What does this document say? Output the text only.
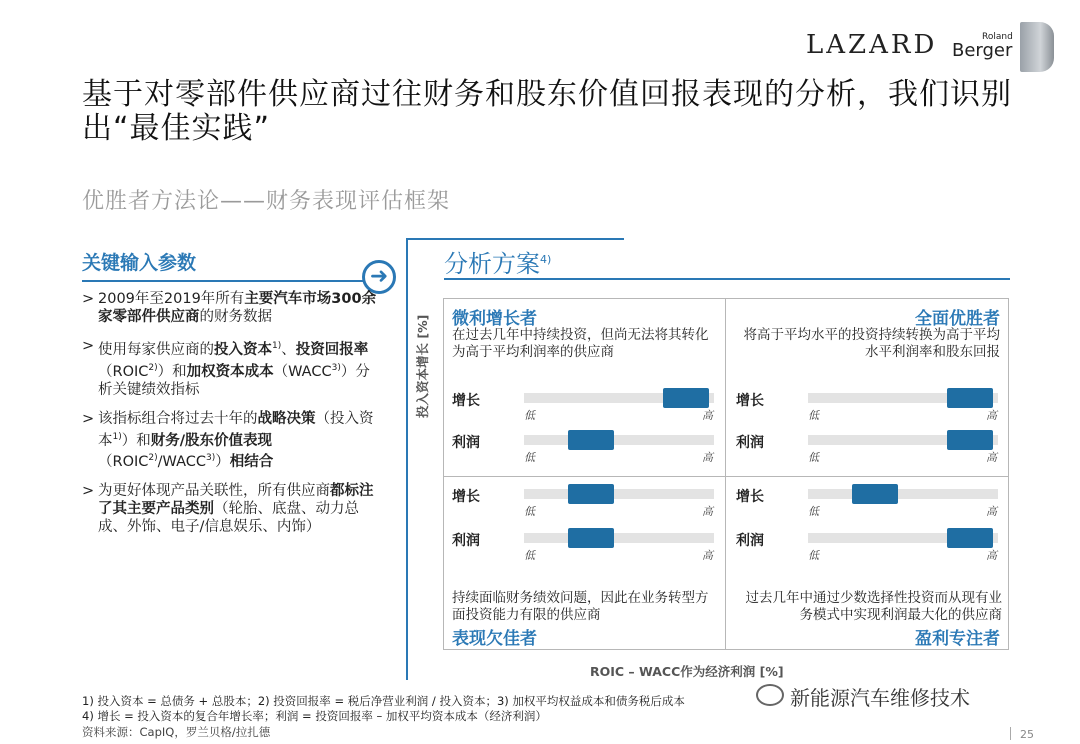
LAZARD	Roland
Berger
基于对零部件供应商过往财务和股东价值回报表现的分析，我们识别出“最佳实践”
优胜者方法论——财务表现评估框架
关键输入参数
➜
> 2009年至2019年所有主要汽车市场300余家零部件供应商的财务数据
> 使用每家供应商的投入资本$^{1)}$、投资回报率（ROIC$^{2)}$）和加权资本成本（WACC$^{3)}$）分析关键绩效指标
> 该指标组合将过去十年的战略决策（投入资本$^{1)}$）和财务/股东价值表现（ROIC$^{2)}$/WACC$^{3)}$）相结合
> 为更好体现产品关联性，所有供应商都标注了其主要产品类别（轮胎、底盘、动力总成、外饰、电子/信息娱乐、内饰）
分析方案$^{4)}$
投入资本增长 [%]
ROIC – WACC作为经济利润 [%]
微利增长者
在过去几年中持续投资，但尚无法将其转化为高于平均利润率的供应商
全面优胜者
将高于平均水平的投资持续转换为高于平均水平利润率和股东回报
持续面临财务绩效问题，因此在业务转型方面投资能力有限的供应商
表现欠佳者
过去几年中通过少数选择性投资而从现有业务模式中实现利润最大化的供应商
盈利专注者
增长
低	高
利润
低	高
增长
低	高
利润
低	高
增长
低	高
利润
低	高
增长
低	高
利润
低	高
1) 投入资本 = 总债务 + 总股本；2) 投资回报率 = 税后净营业利润 / 投入资本；3) 加权平均权益成本和债务税后成本
4) 增长 = 投入资本的复合年增长率；利润 = 投资回报率 – 加权平均资本成本（经济利润）
资料来源：CapIQ，罗兰贝格/拉扎德
新能源汽车维修技术
25
